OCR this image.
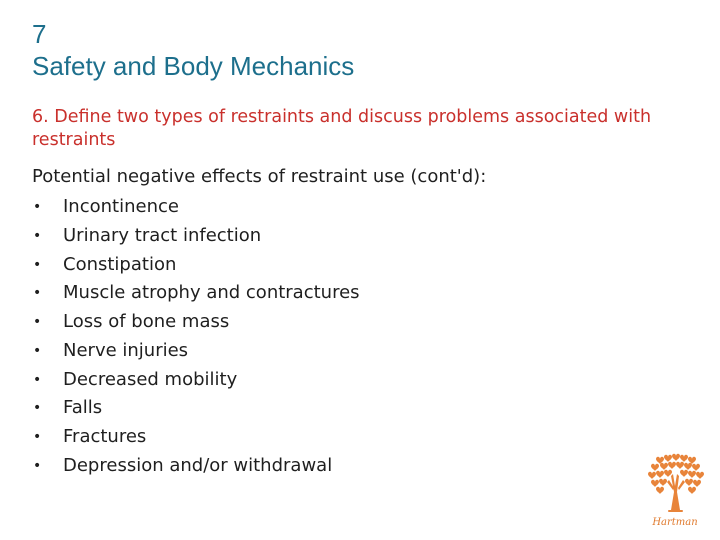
7
Safety and Body Mechanics
6. Define two types of restraints and discuss problems associated with restraints
Potential negative effects of restraint use (cont'd):
•	Incontinence
•	Urinary tract infection
•	Constipation
•	Muscle atrophy and contractures
•	Loss of bone mass
•	Nerve injuries
•	Decreased mobility
•	Falls
•	Fractures
•	Depression and/or withdrawal
Hartman
